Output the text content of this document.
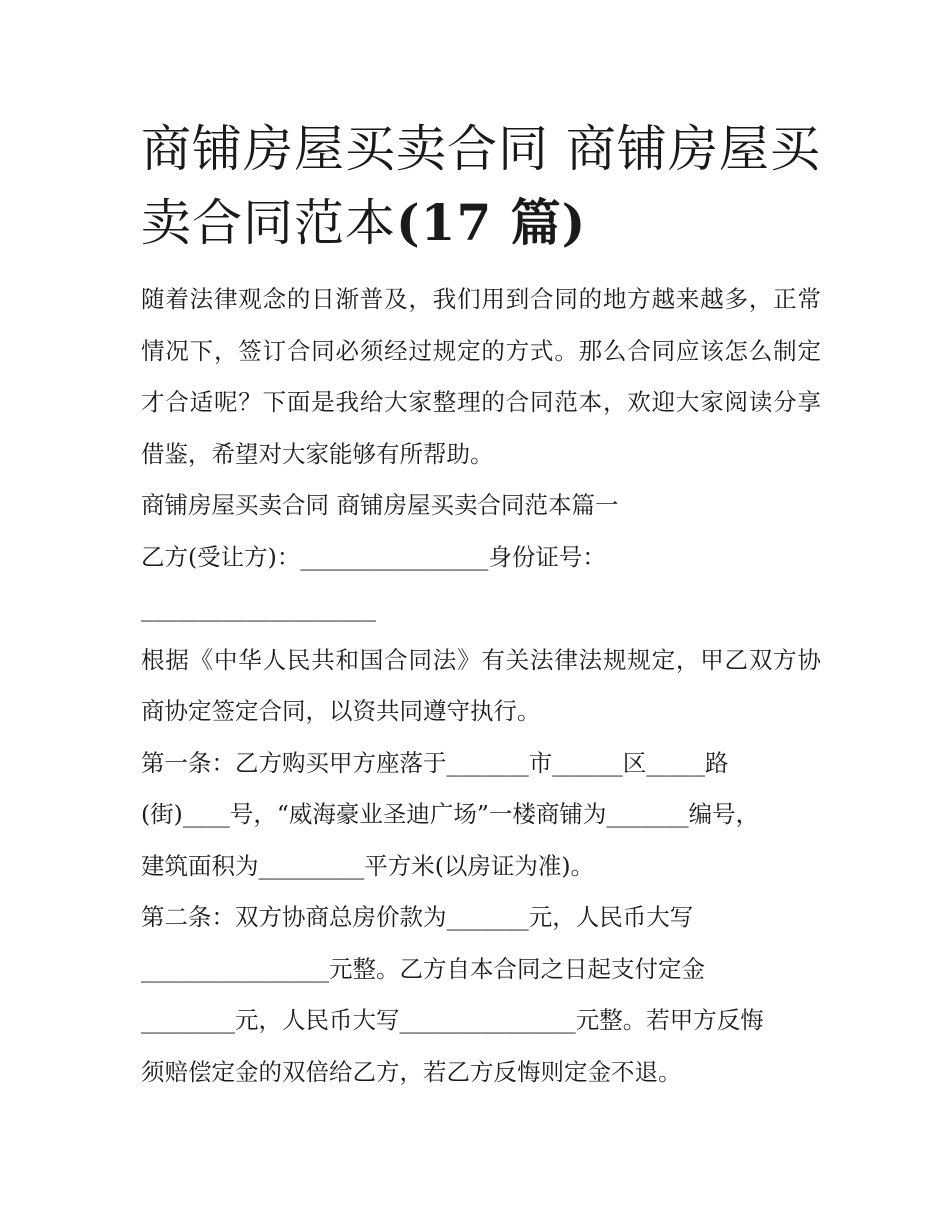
商铺房屋买卖合同 商铺房屋买卖合同范本(17 篇)

随着法律观念的日渐普及，我们用到合同的地方越来越多，正常情况下，签订合同必须经过规定的方式。那么合同应该怎么制定才合适呢？下面是我给大家整理的合同范本，欢迎大家阅读分享借鉴，希望对大家能够有所帮助。

商铺房屋买卖合同 商铺房屋买卖合同范本篇一

乙方(受让方)：________________身份证号：

____________________

根据《中华人民共和国合同法》有关法律法规规定，甲乙双方协商协定签定合同，以资共同遵守执行。

第一条：乙方购买甲方座落于_______市______区_____路

(街)____号，“威海豪业圣迪广场”一楼商铺为_______编号，

建筑面积为_________平方米(以房证为准)。

第二条：双方协商总房价款为_______元，人民币大写

________________元整。乙方自本合同之日起支付定金

________元，人民币大写_______________元整。若甲方反悔

须赔偿定金的双倍给乙方，若乙方反悔则定金不退。
